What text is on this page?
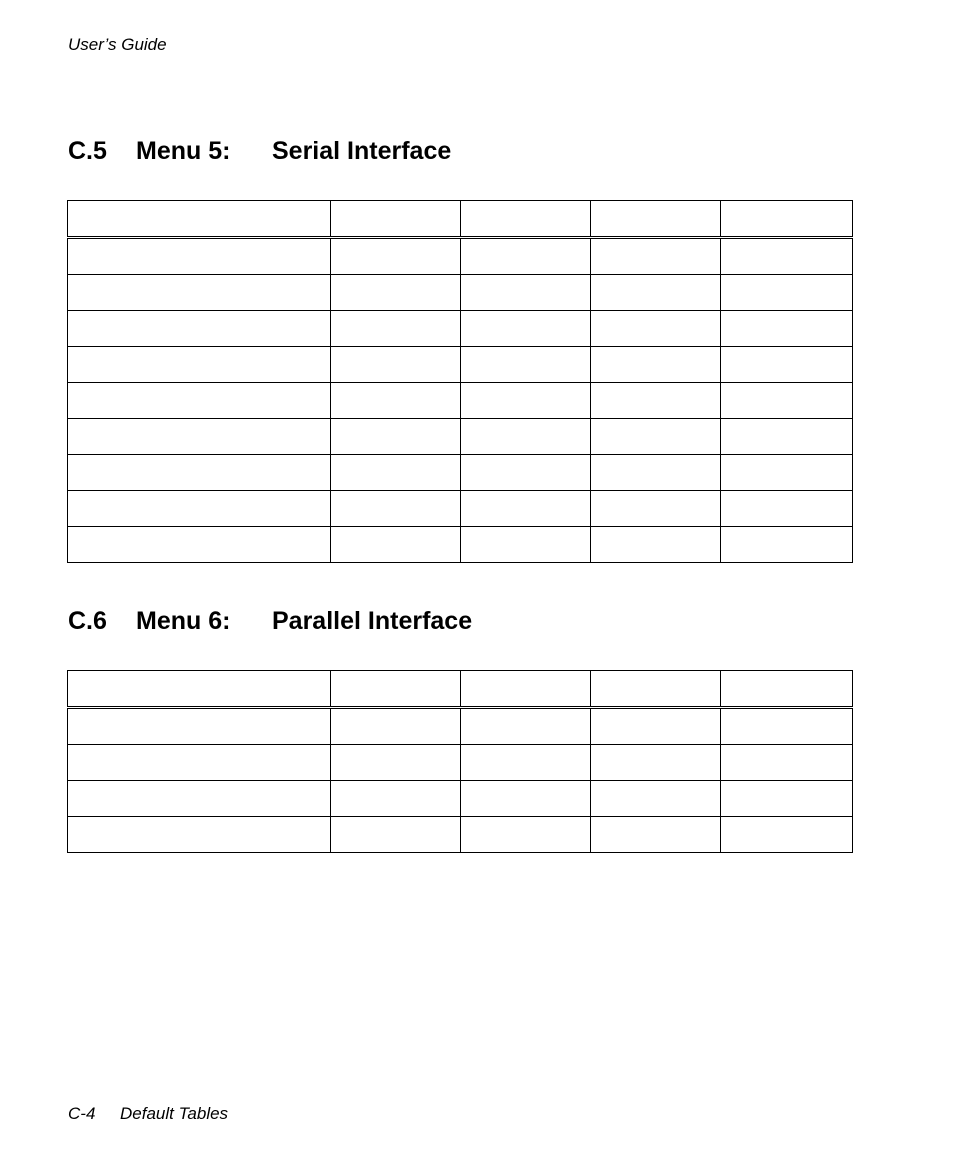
User’s Guide
C.5 Menu 5: Serial Interface

C.6 Menu 6: Parallel Interface

C-4 Default Tables
